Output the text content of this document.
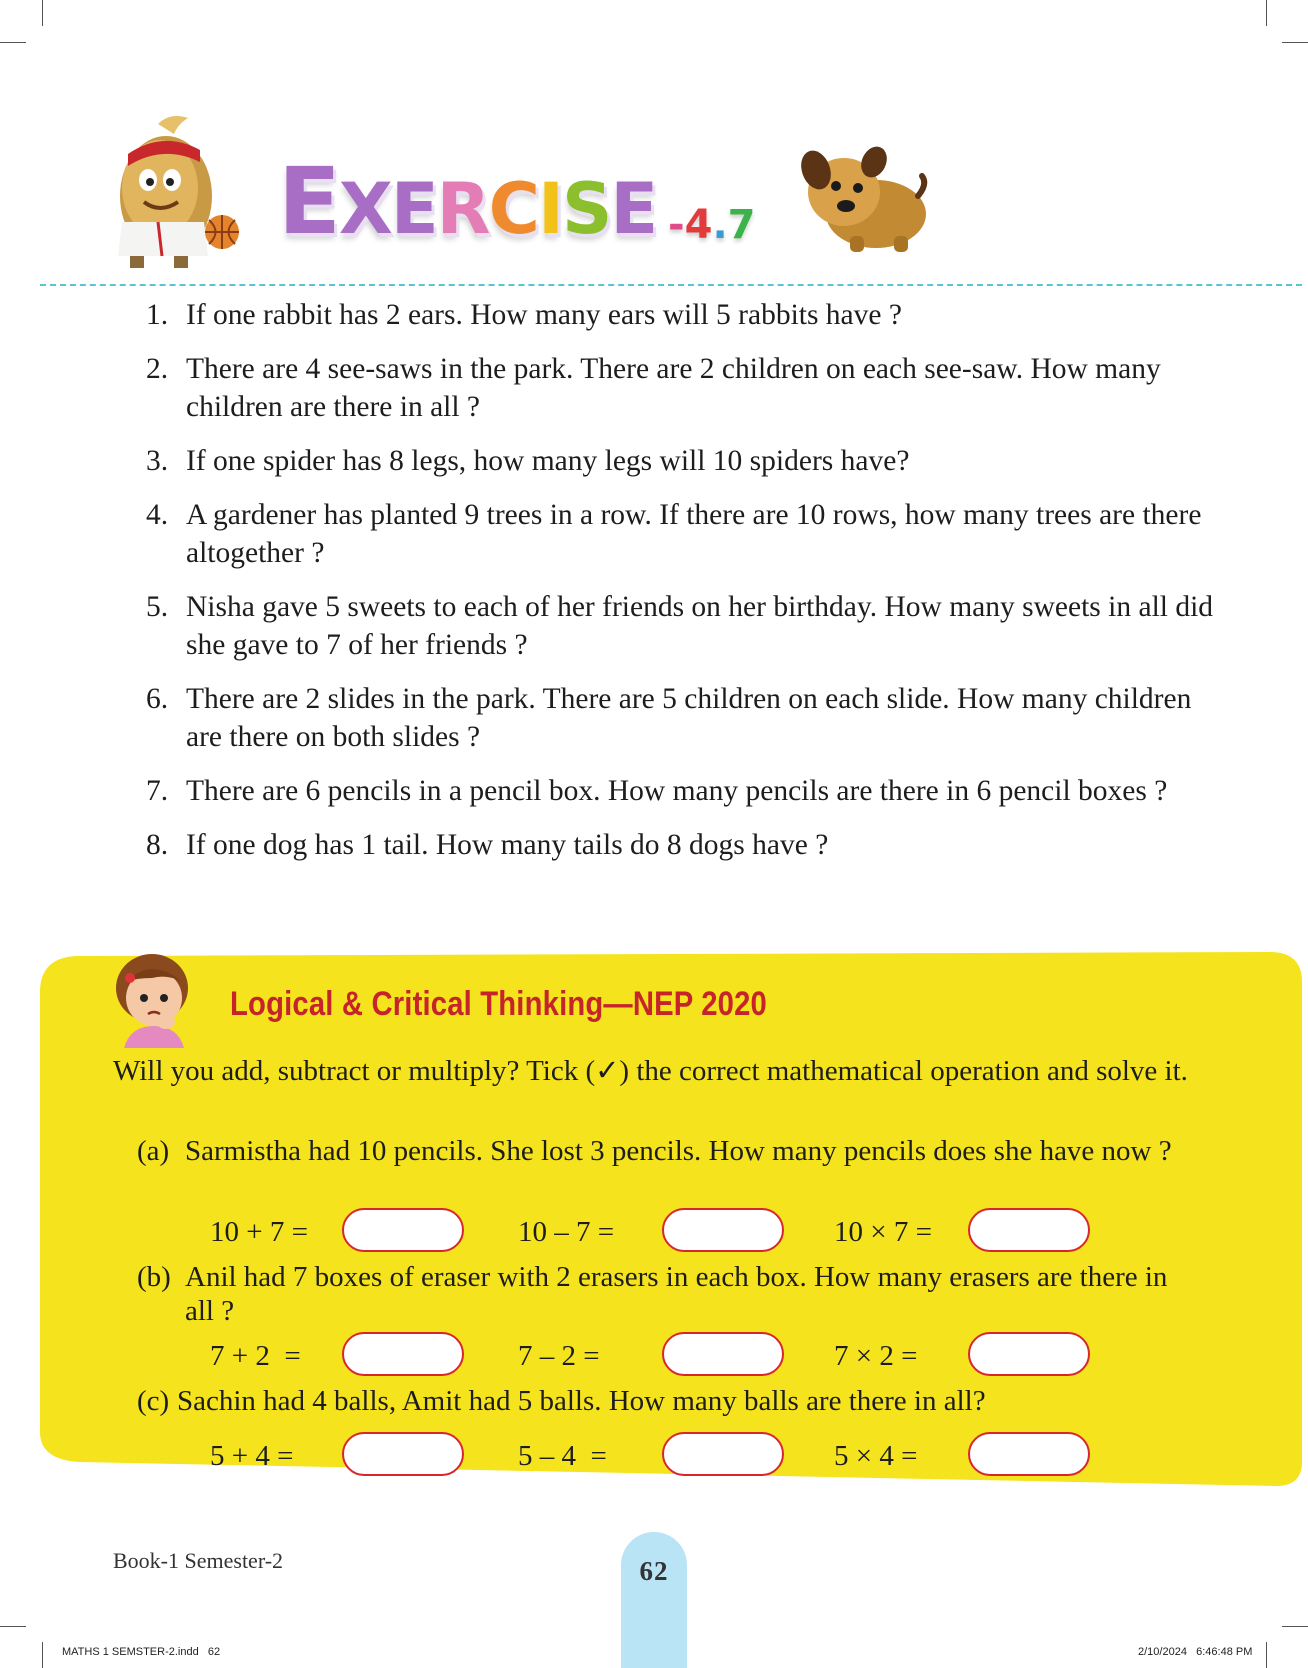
EXERCISE -4.7
1. If one rabbit has 2 ears. How many ears will 5 rabbits have ?
2. There are 4 see-saws in the park. There are 2 children on each see-saw. How many children are there in all ?
3. If one spider has 8 legs, how many legs will 10 spiders have?
4. A gardener has planted 9 trees in a row. If there are 10 rows, how many trees are there altogether ?
5. Nisha gave 5 sweets to each of her friends on her birthday. How many sweets in all did she gave to 7 of her friends ?
6. There are 2 slides in the park. There are 5 children on each slide. How many children are there on both slides ?
7. There are 6 pencils in a pencil box. How many pencils are there in 6 pencil boxes ?
8. If one dog has 1 tail. How many tails do 8 dogs have ?
Logical & Critical Thinking—NEP 2020
Will you add, subtract or multiply? Tick (✓) the correct mathematical operation and solve it.
(a) Sarmistha had 10 pencils. She lost 3 pencils. How many pencils does she have now ?
10 + 7 =	10 – 7 =	10 × 7 =
(b) Anil had 7 boxes of eraser with 2 erasers in each box. How many erasers are there in all ?
7 + 2  =	7 – 2 =	7 × 2 =
(c) Sachin had 4 balls, Amit had 5 balls. How many balls are there in all?
5 + 4 =	5 – 4  =	5 × 4 =
Book-1 Semester-2	62
MATHS 1 SEMSTER-2.indd   62	2/10/2024   6:46:48 PM
